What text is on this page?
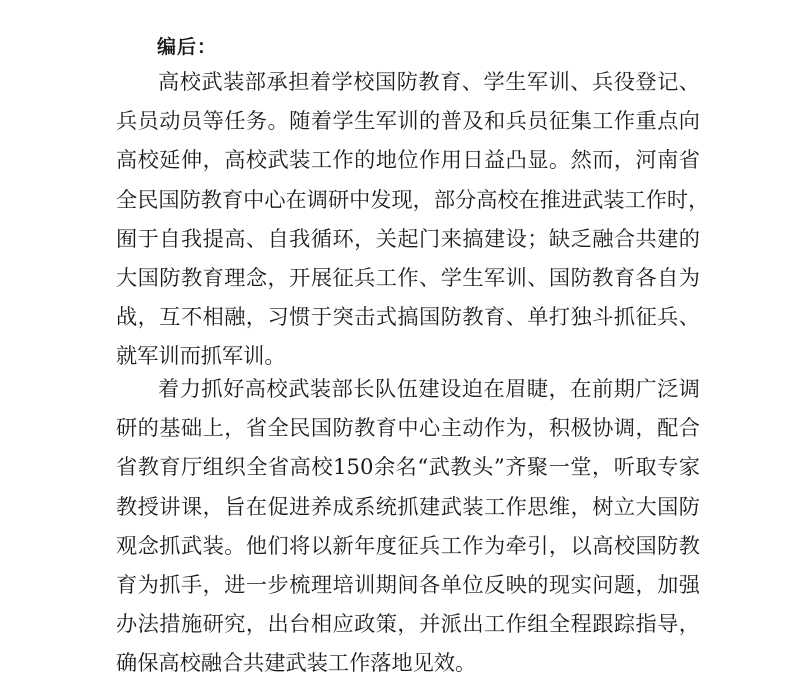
编后：
高校武装部承担着学校国防教育、学生军训、兵役登记、
兵员动员等任务。随着学生军训的普及和兵员征集工作重点向
高校延伸，高校武装工作的地位作用日益凸显。然而，河南省
全民国防教育中心在调研中发现，部分高校在推进武装工作时，
囿于自我提高、自我循环，关起门来搞建设；缺乏融合共建的
大国防教育理念，开展征兵工作、学生军训、国防教育各自为
战，互不相融，习惯于突击式搞国防教育、单打独斗抓征兵、
就军训而抓军训。
着力抓好高校武装部长队伍建设迫在眉睫，在前期广泛调
研的基础上，省全民国防教育中心主动作为，积极协调，配合
省教育厅组织全省高校150余名“武教头”齐聚一堂，听取专家
教授讲课，旨在促进养成系统抓建武装工作思维，树立大国防
观念抓武装。他们将以新年度征兵工作为牵引，以高校国防教
育为抓手，进一步梳理培训期间各单位反映的现实问题，加强
办法措施研究，出台相应政策，并派出工作组全程跟踪指导，
确保高校融合共建武装工作落地见效。
